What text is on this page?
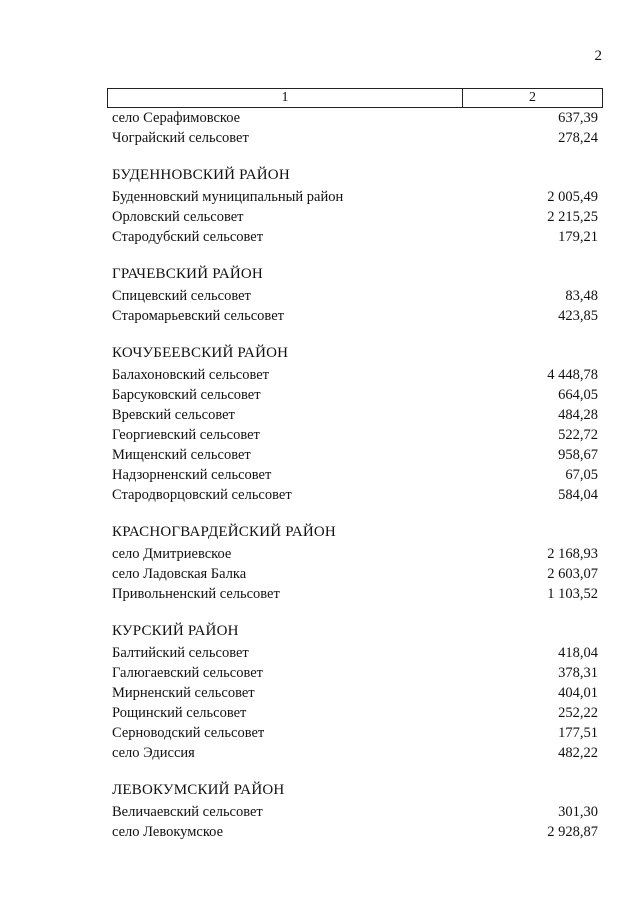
2
1	2
село Серафимовское	637,39
Чограйский сельсовет	278,24
БУДЕННОВСКИЙ РАЙОН
Буденновский муниципальный район	2 005,49
Орловский сельсовет	2 215,25
Стародубский сельсовет	179,21
ГРАЧЕВСКИЙ РАЙОН
Спицевский сельсовет	83,48
Старомарьевский сельсовет	423,85
КОЧУБЕЕВСКИЙ РАЙОН
Балахоновский сельсовет	4 448,78
Барсуковский сельсовет	664,05
Вревский сельсовет	484,28
Георгиевский сельсовет	522,72
Мищенский сельсовет	958,67
Надзорненский сельсовет	67,05
Стародворцовский сельсовет	584,04
КРАСНОГВАРДЕЙСКИЙ РАЙОН
село Дмитриевское	2 168,93
село Ладовская Балка	2 603,07
Привольненский сельсовет	1 103,52
КУРСКИЙ РАЙОН
Балтийский сельсовет	418,04
Галюгаевский сельсовет	378,31
Мирненский сельсовет	404,01
Рощинский сельсовет	252,22
Серноводский сельсовет	177,51
село Эдиссия	482,22
ЛЕВОКУМСКИЙ РАЙОН
Величаевский сельсовет	301,30
село Левокумское	2 928,87
